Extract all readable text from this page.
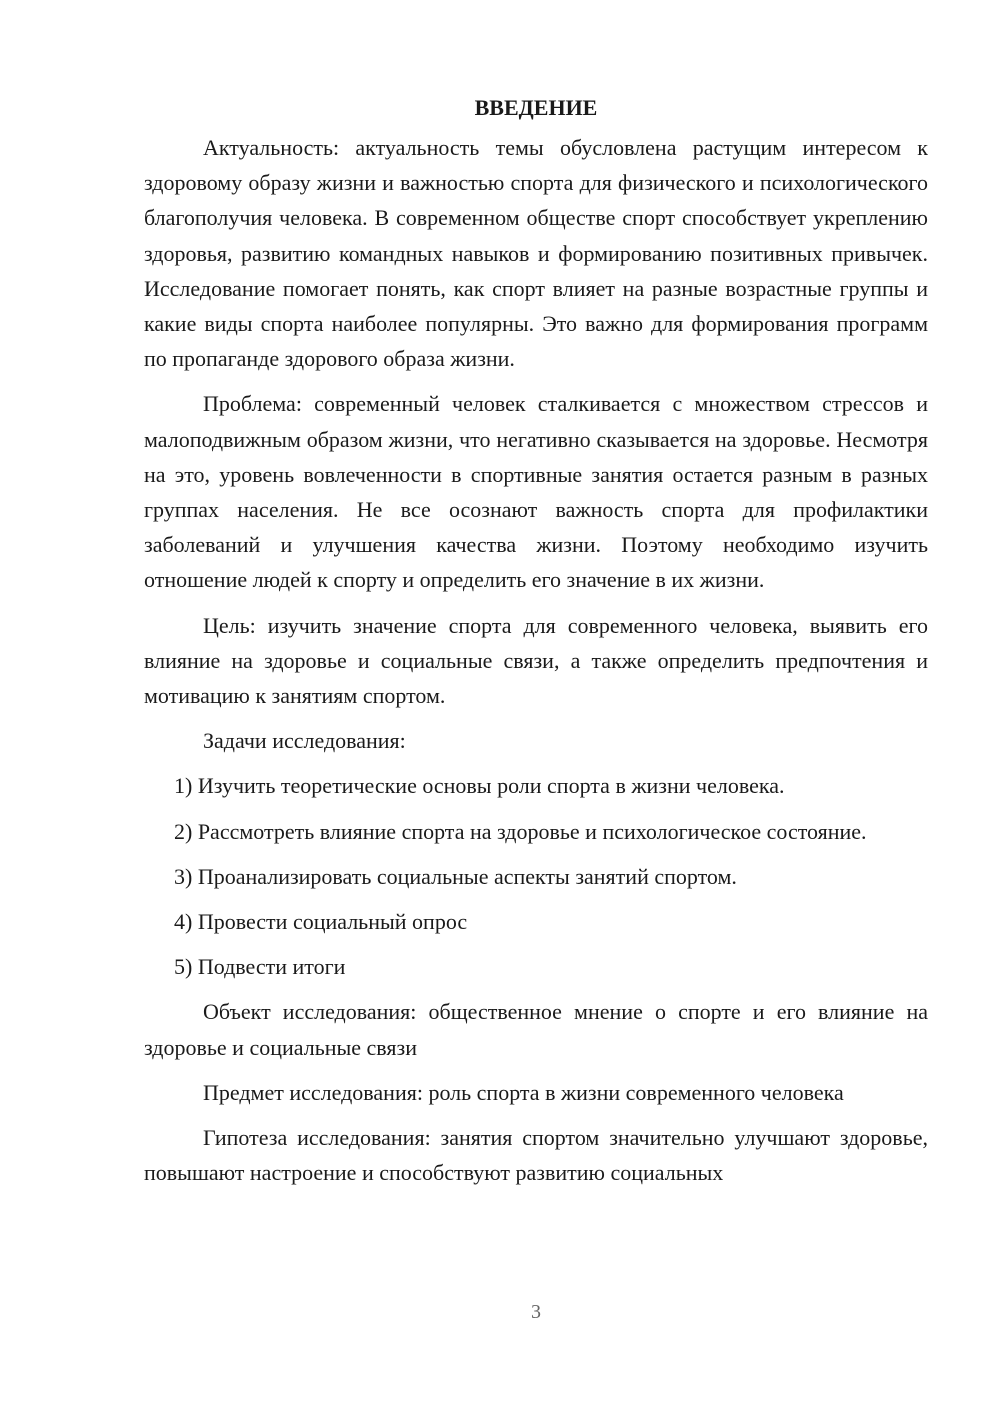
ВВЕДЕНИЕ

Актуальность: актуальность темы обусловлена растущим интересом к здоровому образу жизни и важностью спорта для физического и психологического благополучия человека. В современном обществе спорт способствует укреплению здоровья, развитию командных навыков и формированию позитивных привычек. Исследование помогает понять, как спорт влияет на разные возрастные группы и какие виды спорта наиболее популярны. Это важно для формирования программ по пропаганде здорового образа жизни.

Проблема: современный человек сталкивается с множеством стрессов и малоподвижным образом жизни, что негативно сказывается на здоровье. Несмотря на это, уровень вовлеченности в спортивные занятия остается разным в разных группах населения. Не все осознают важность спорта для профилактики заболеваний и улучшения качества жизни. Поэтому необходимо изучить отношение людей к спорту и определить его значение в их жизни.

Цель: изучить значение спорта для современного человека, выявить его влияние на здоровье и социальные связи, а также определить предпочтения и мотивацию к занятиям спортом.

Задачи исследования:

1) Изучить теоретические основы роли спорта в жизни человека.

2) Рассмотреть влияние спорта на здоровье и психологическое состояние.

3) Проанализировать социальные аспекты занятий спортом.

4) Провести социальный опрос

5) Подвести итоги

Объект исследования: общественное мнение о спорте и его влияние на здоровье и социальные связи

Предмет исследования: роль спорта в жизни современного человека

Гипотеза исследования: занятия спортом значительно улучшают здоровье, повышают настроение и способствуют развитию социальных

3
